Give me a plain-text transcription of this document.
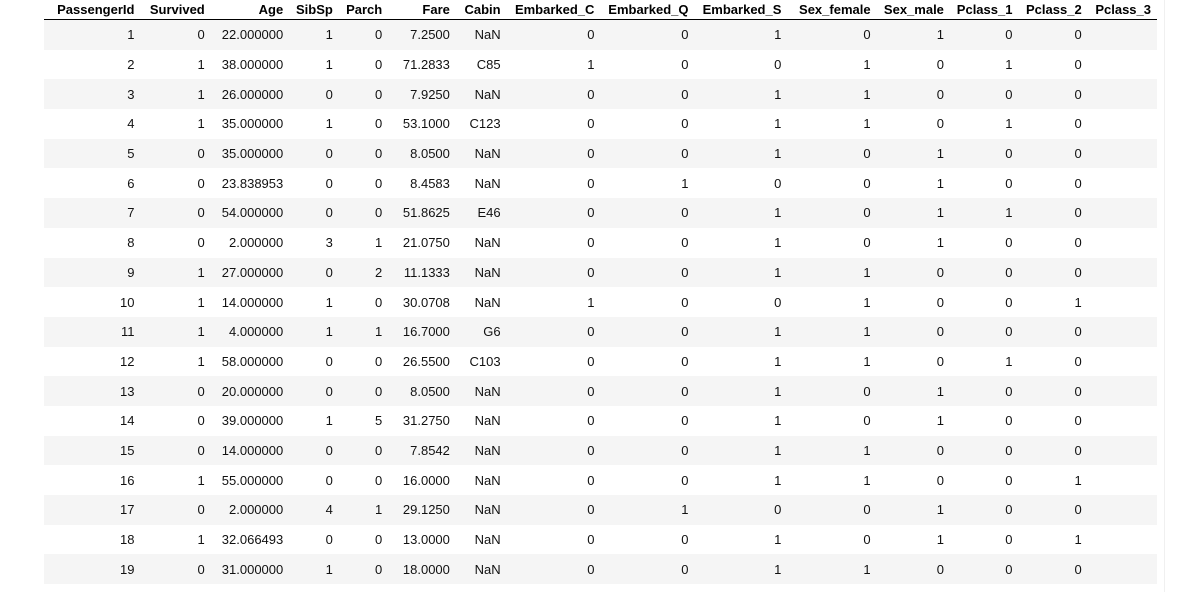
	PassengerId	Survived	Age	SibSp	Parch	Fare	Cabin	Embarked_C	Embarked_Q	Embarked_S	Sex_female	Sex_male	Pclass_1	Pclass_2	Pclass_3
	1	0	22.000000	1	0	7.2500	NaN	0	0	1	0	1	0	0	
	2	1	38.000000	1	0	71.2833	C85	1	0	0	1	0	1	0	
	3	1	26.000000	0	0	7.9250	NaN	0	0	1	1	0	0	0	
	4	1	35.000000	1	0	53.1000	C123	0	0	1	1	0	1	0	
	5	0	35.000000	0	0	8.0500	NaN	0	0	1	0	1	0	0	
	6	0	23.838953	0	0	8.4583	NaN	0	1	0	0	1	0	0	
	7	0	54.000000	0	0	51.8625	E46	0	0	1	0	1	1	0	
	8	0	2.000000	3	1	21.0750	NaN	0	0	1	0	1	0	0	
	9	1	27.000000	0	2	11.1333	NaN	0	0	1	1	0	0	0	
	10	1	14.000000	1	0	30.0708	NaN	1	0	0	1	0	0	1	
	11	1	4.000000	1	1	16.7000	G6	0	0	1	1	0	0	0	
	12	1	58.000000	0	0	26.5500	C103	0	0	1	1	0	1	0	
	13	0	20.000000	0	0	8.0500	NaN	0	0	1	0	1	0	0	
	14	0	39.000000	1	5	31.2750	NaN	0	0	1	0	1	0	0	
	15	0	14.000000	0	0	7.8542	NaN	0	0	1	1	0	0	0	
	16	1	55.000000	0	0	16.0000	NaN	0	0	1	1	0	0	1	
	17	0	2.000000	4	1	29.1250	NaN	0	1	0	0	1	0	0	
	18	1	32.066493	0	0	13.0000	NaN	0	0	1	0	1	0	1	
	19	0	31.000000	1	0	18.0000	NaN	0	0	1	1	0	0	0	
